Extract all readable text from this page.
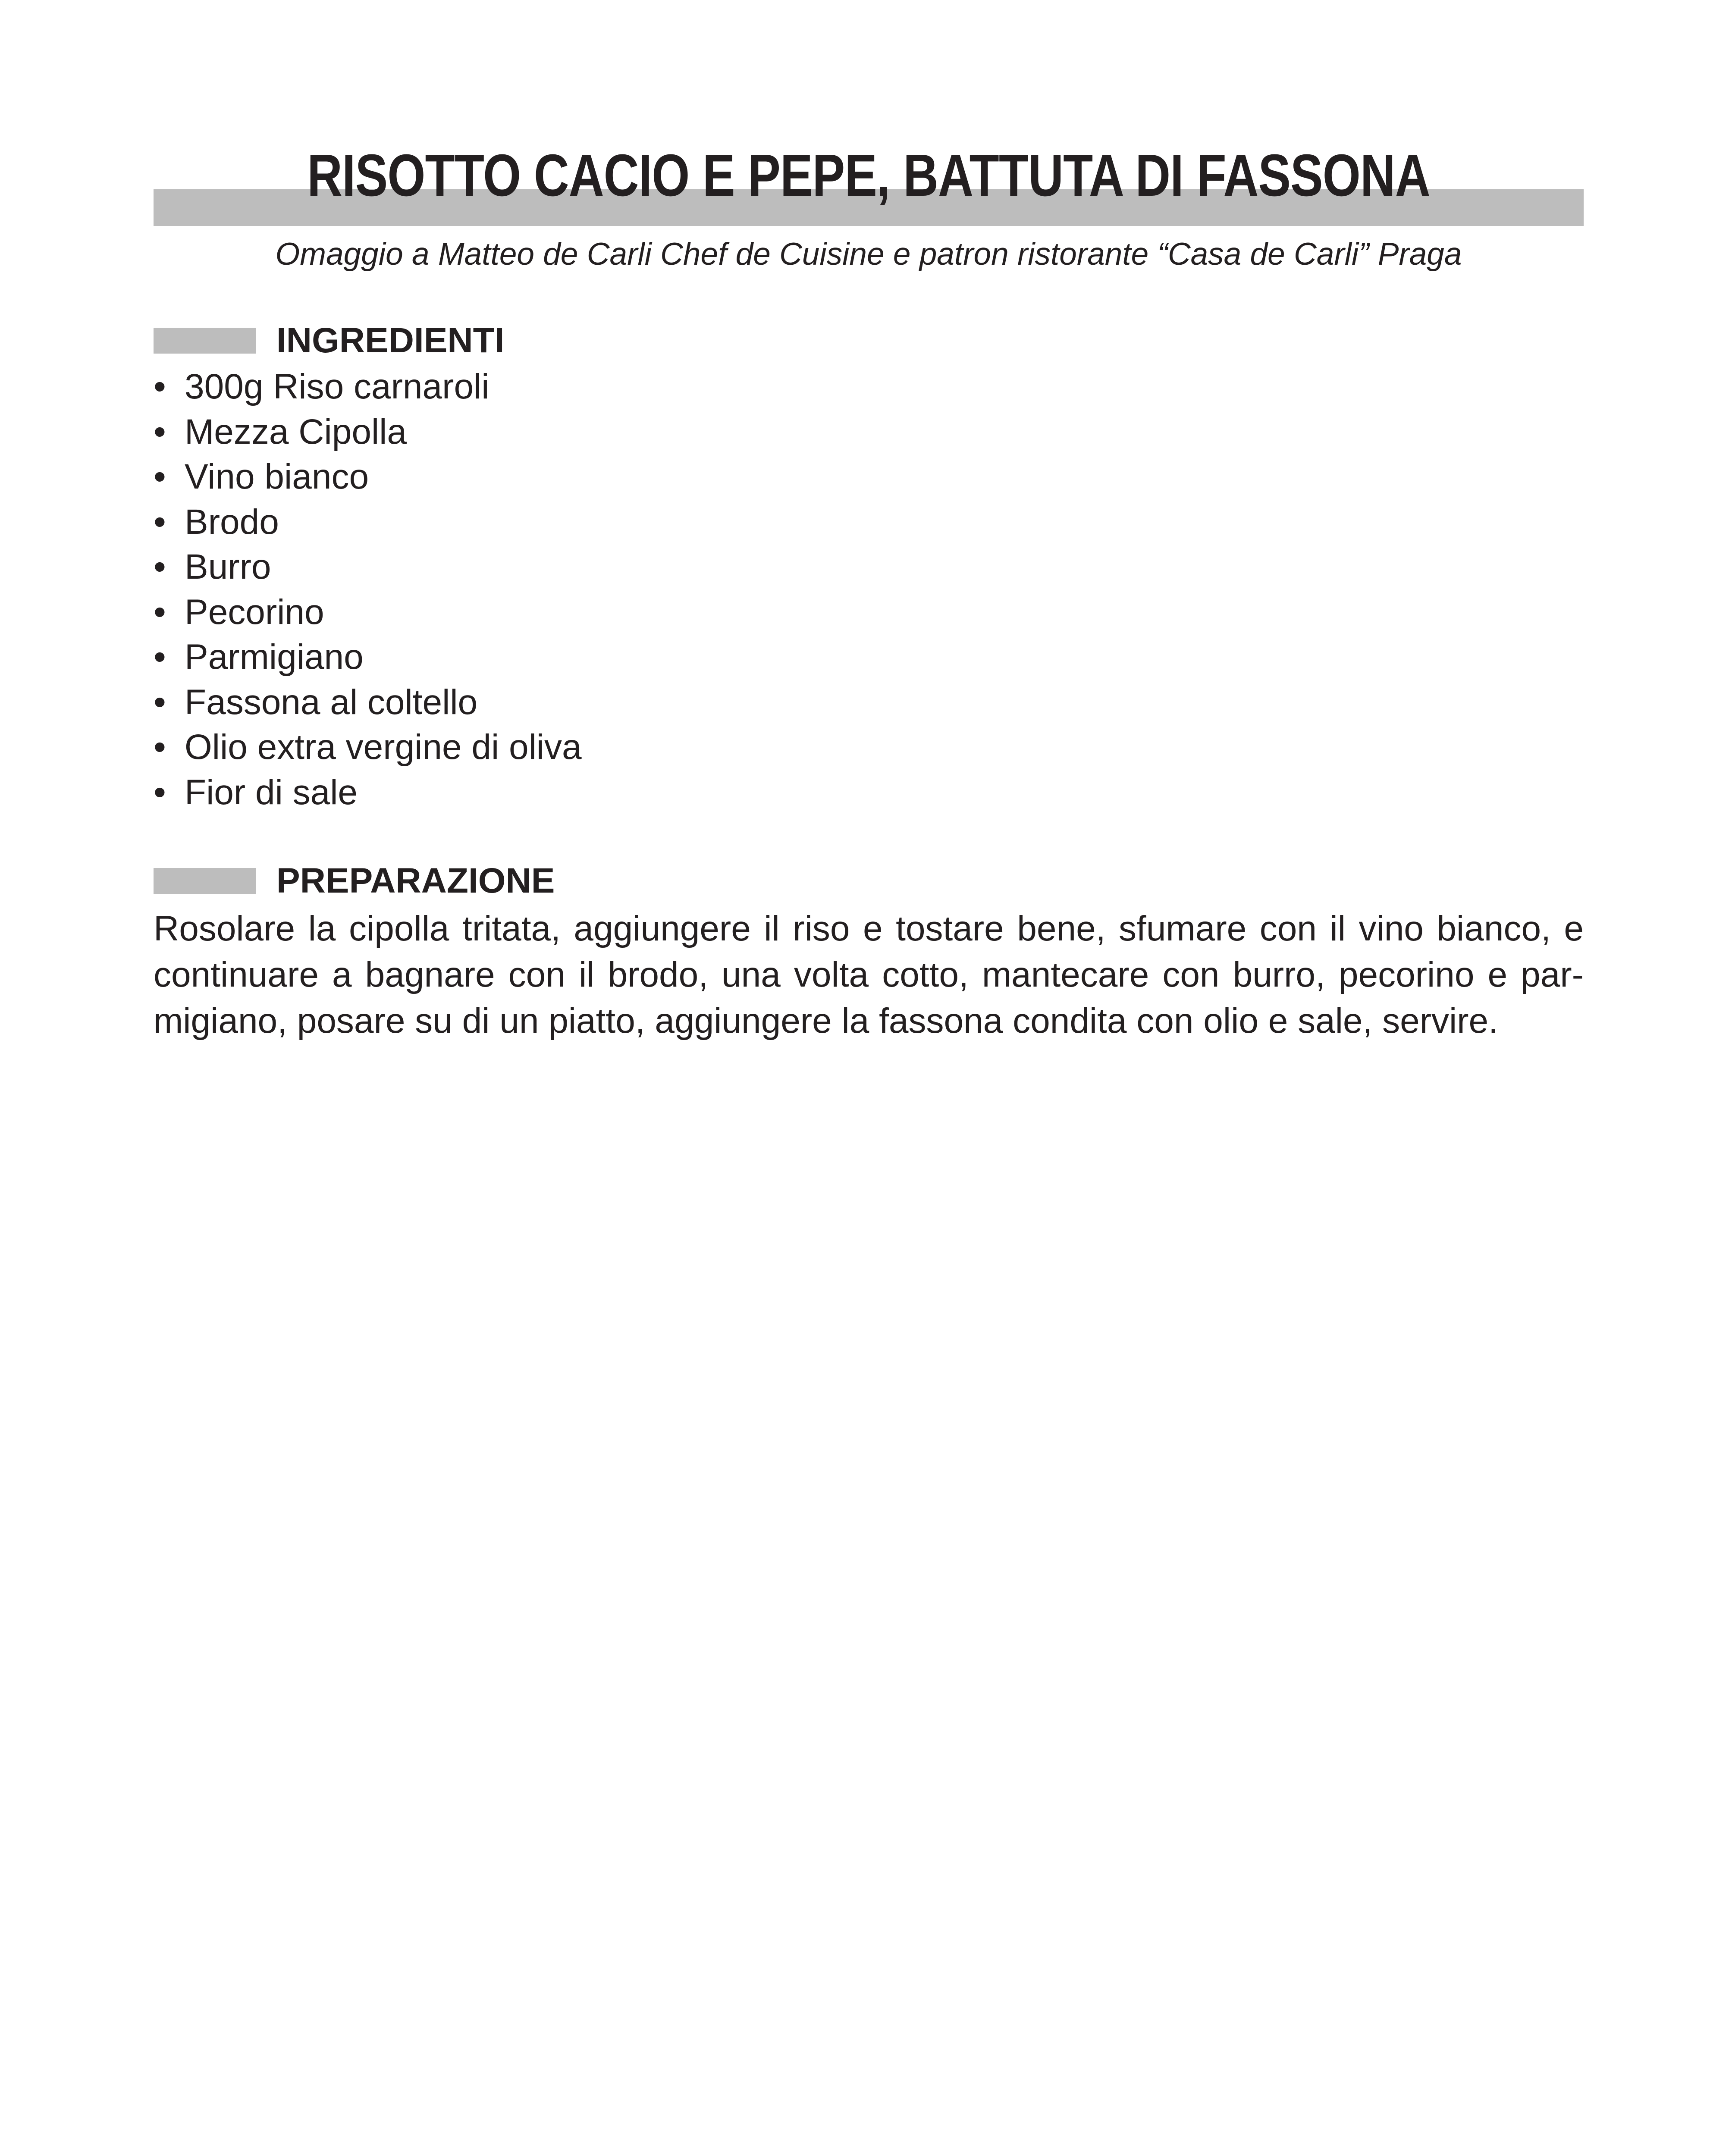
RISOTTO CACIO E PEPE, BATTUTA DI FASSONA

Omaggio a Matteo de Carli Chef de Cuisine e patron ristorante “Casa de Carli” Praga

INGREDIENTI
• 300g Riso carnaroli
• Mezza Cipolla
• Vino bianco
• Brodo
• Burro
• Pecorino
• Parmigiano
• Fassona al coltello
• Olio extra vergine di oliva
• Fior di sale
PREPARAZIONE

Rosolare la cipolla tritata, aggiungere il riso e tostare bene, sfumare con il vino bianco, e
continuare a bagnare con il brodo, una volta cotto, mantecare con burro, pecorino e par-
migiano, posare su di un piatto, aggiungere la fassona condita con olio e sale, servire.
